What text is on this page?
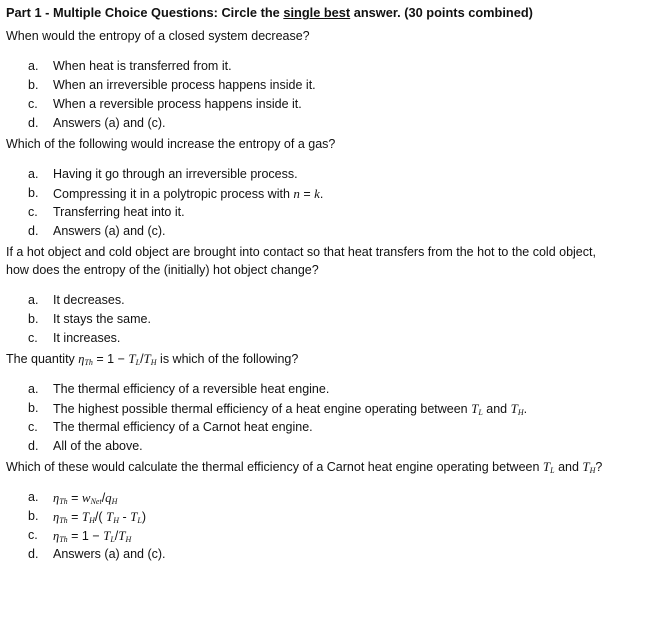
Part 1 - Multiple Choice Questions: Circle the single best answer. (30 points combined)

When would the entropy of a closed system decrease?

a.	When heat is transferred from it.
b.	When an irreversible process happens inside it.
c.	When a reversible process happens inside it.
d.	Answers (a) and (c).

Which of the following would increase the entropy of a gas?

a.	Having it go through an irreversible process.
b.	Compressing it in a polytropic process with n = k.
c.	Transferring heat into it.
d.	Answers (a) and (c).
If a hot object and cold object are brought into contact so that heat transfers from the hot to the cold object,
how does the entropy of the (initially) hot object change?
a.	It decreases.
b.	It stays the same.
c.	It increases.

The quantity $\eta_{Th} = 1 - T_L/T_H$ is which of the following?

a.	The thermal efficiency of a reversible heat engine.
b.	The highest possible thermal efficiency of a heat engine operating between $T_L$ and $T_H$.
c.	The thermal efficiency of a Carnot heat engine.
d.	All of the above.

Which of these would calculate the thermal efficiency of a Carnot heat engine operating between $T_L$ and $T_H$?

a.	$\eta_{Th} = w_{Net}/q_H$
b.	$\eta_{Th} = T_H/$( $T_H - T_L$)
c.	$\eta_{Th} = 1 - T_L/T_H$
d.	Answers (a) and (c).
